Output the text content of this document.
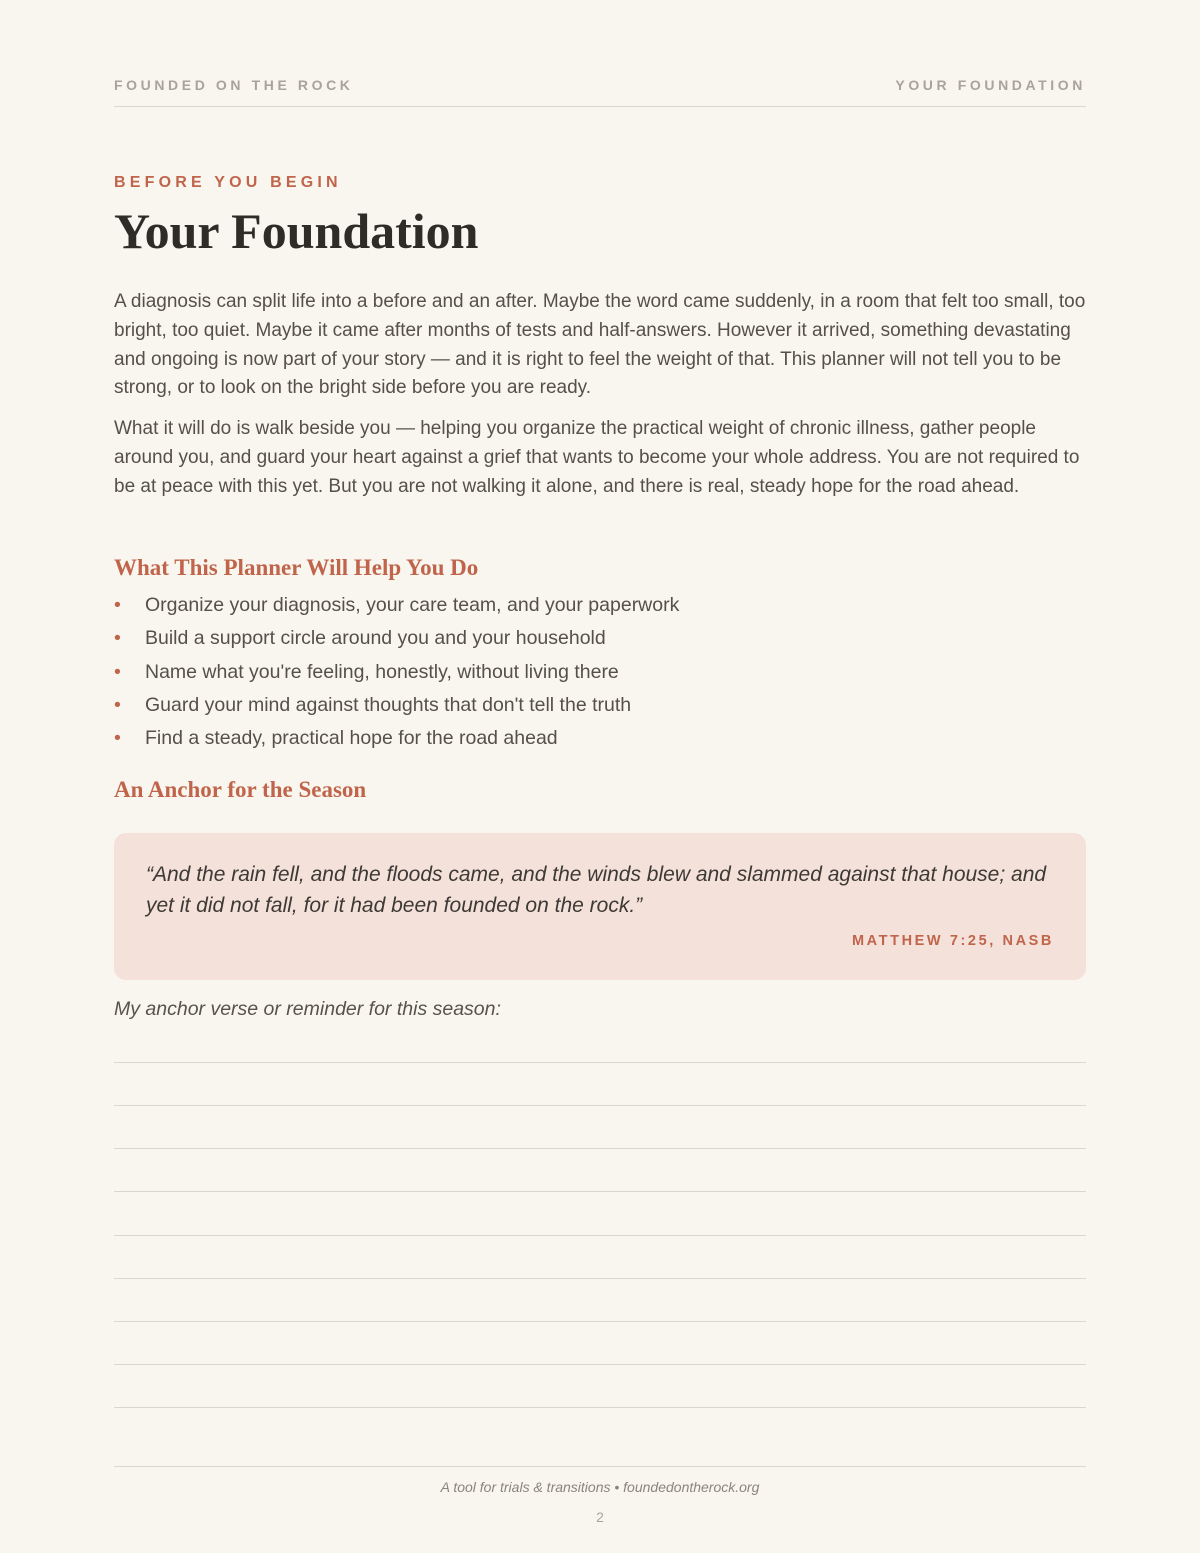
FOUNDED ON THE ROCK	YOUR FOUNDATION

BEFORE YOU BEGIN

Your Foundation

A diagnosis can split life into a before and an after. Maybe the word came suddenly, in a room that felt too small, too bright, too quiet. Maybe it came after months of tests and half-answers. However it arrived, something devastating and ongoing is now part of your story — and it is right to feel the weight of that. This planner will not tell you to be strong, or to look on the bright side before you are ready.

What it will do is walk beside you — helping you organize the practical weight of chronic illness, gather people around you, and guard your heart against a grief that wants to become your whole address. You are not required to be at peace with this yet. But you are not walking it alone, and there is real, steady hope for the road ahead.

What This Planner Will Help You Do
• Organize your diagnosis, your care team, and your paperwork
• Build a support circle around you and your household
• Name what you're feeling, honestly, without living there
• Guard your mind against thoughts that don't tell the truth
• Find a steady, practical hope for the road ahead
An Anchor for the Season

“And the rain fell, and the floods came, and the winds blew and slammed against that house; and yet it did not fall, for it had been founded on the rock.”

MATTHEW 7:25, NASB

My anchor verse or reminder for this season:

A tool for trials & transitions • foundedontherock.org
2
